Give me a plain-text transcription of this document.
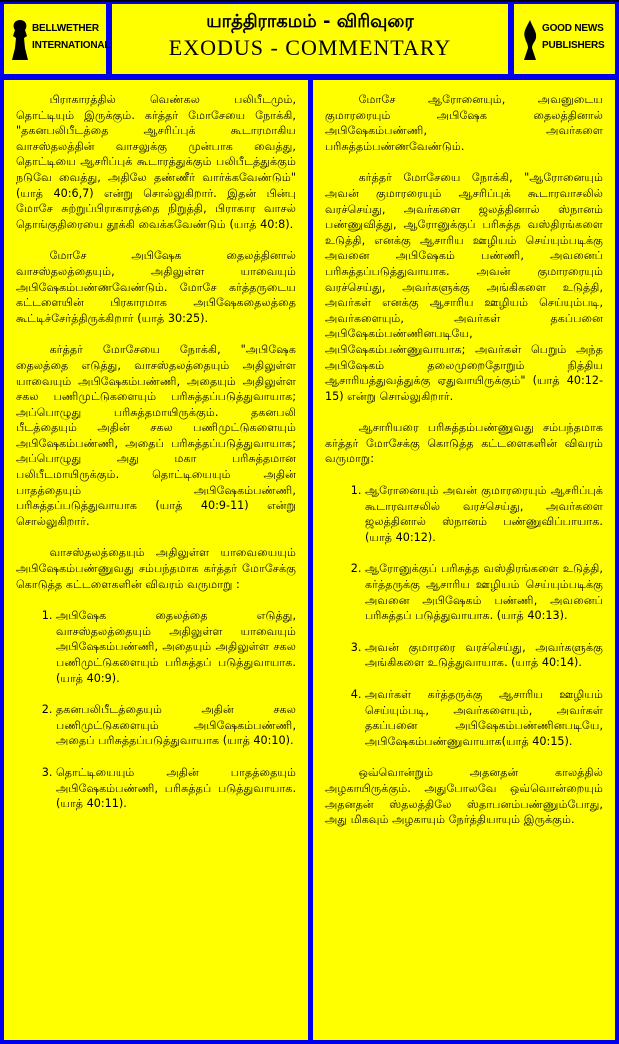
BELLWETHER
INTERNATIONAL
யாத்திராகமம் - விரிவுரை
EXODUS - COMMENTARY
GOOD NEWS
PUBLISHERS

பிராகாரத்தில் வெண்கல பலிபீடமும், தொட்டியும் இருக்கும். கர்த்தர் மோசேயை நோக்கி, "தகனபலிபீடத்தை ஆசரிப்புக் கூடாரமாகிய வாசஸ்தலத்தின் வாசலுக்கு முன்பாக வைத்து, தொட்டியை ஆசரிப்புக் கூடாரத்துக்கும் பலிபீடத்துக்கும் நடுவே வைத்து, அதிலே தண்ணீர் வார்க்கவேண்டும்" (யாத் 40:6,7) என்று சொல்லுகிறார். இதன் பின்பு மோசே சுற்றுப்பிராகாரத்தை நிறுத்தி, பிராகார வாசல் தொங்குதிரையை தூக்கி வைக்கவேண்டும் (யாத் 40:8).

மோசே அபிஷேக தைலத்தினால் வாசஸ்தலத்தையும், அதிலுள்ள யாவையும் அபிஷேகம்பண்ணவேண்டும். மோசே கர்த்தருடைய கட்டளையின் பிரகாரமாக அபிஷேகதைலத்தை கூட்டிச்சேர்த்திருக்கிறார் (யாத் 30:25).

கர்த்தர் மோசேயை நோக்கி, "அபிஷேக தைலத்தை எடுத்து, வாசஸ்தலத்தையும் அதிலுள்ள யாவையும் அபிஷேகம்பண்ணி, அதையும் அதிலுள்ள சகல பணிமுட்டுகளையும் பரிசுத்தப்படுத்துவாயாக; அப்பொழுது பரிசுத்தமாயிருக்கும். தகனபலி பீடத்தையும் அதின் சகல பணிமுட்டுகளையும் அபிஷேகம்பண்ணி, அதைப் பரிசுத்தப்படுத்துவாயாக; அப்பொழுது அது மகா பரிசுத்தமான பலிபீடமாயிருக்கும். தொட்டியையும் அதின் பாதத்தையும் அபிஷேகம்பண்ணி, பரிசுத்தப்படுத்துவாயாக (யாத் 40:9-11) என்று சொல்லுகிறார்.

வாசஸ்தலத்தையும் அதிலுள்ள யாவையையும் அபிஷேகம்பண்ணுவது சம்பந்தமாக கர்த்தர் மோசேக்கு கொடுத்த கட்டளைகளின் விவரம் வருமாறு :

1. அபிஷேக தைலத்தை எடுத்து, வாசஸ்தலத்தையும் அதிலுள்ள யாவையும் அபிஷேகம்பண்ணி, அதையும் அதிலுள்ள சகல பணிமுட்டுகளையும் பரிசுத்தப் படுத்துவாயாக. (யாத் 40:9).
2. தகனபலிபீடத்தையும் அதின் சகல பணிமுட்டுகளையும் அபிஷேகம்பண்ணி, அதைப் பரிசுத்தப்படுத்துவாயாக (யாத் 40:10).
3. தொட்டியையும் அதின் பாதத்தையும் அபிஷேகம்பண்ணி, பரிசுத்தப் படுத்துவாயாக. (யாத் 40:11).

மோசே ஆரோனையும், அவனுடைய குமாரரையும் அபிஷேக தைலத்தினால் அபிஷேகம்பண்ணி, அவர்களை பரிசுத்தம்பண்ணவேண்டும்.

கர்த்தர் மோசேயை நோக்கி, "ஆரோனையும் அவன் குமாரரையும் ஆசரிப்புக் கூடாரவாசலில் வரச்செய்து, அவர்களை ஜலத்தினால் ஸ்நானம் பண்ணுவித்து, ஆரோனுக்குப் பரிசுத்த வஸ்திரங்களை உடுத்தி, எனக்கு ஆசாரிய ஊழியம் செய்யும்படிக்கு அவனை அபிஷேகம் பண்ணி, அவனைப் பரிசுத்தப்படுத்துவாயாக. அவன் குமாரரையும் வரச்செய்து, அவர்களுக்கு அங்கிகளை உடுத்தி, அவர்கள் எனக்கு ஆசாரிய ஊழியம் செய்யும்படி, அவர்களையும், அவர்கள் தகப்பனை அபிஷேகம்பண்ணினபடியே, அபிஷேகம்பண்ணுவாயாக; அவர்கள் பெறும் அந்த அபிஷேகம் தலைமுறைதோறும் நித்திய ஆசாரியத்துவத்துக்கு ஏதுவாயிருக்கும்" (யாத் 40:12-15) என்று சொல்லுகிறார்.

ஆசாரியரை பரிசுத்தம்பண்ணுவது சம்பந்தமாக கர்த்தர் மோசேக்கு கொடுத்த கட்டளைகளின் விவரம் வருமாறு:

1. ஆரோனையும் அவன் குமாரரையும் ஆசரிப்புக் கூடாரவாசலில் வரச்செய்து, அவர்களை ஜலத்தினால் ஸ்நானம் பண்ணுவிப்பாயாக. (யாத் 40:12).
2. ஆரோனுக்குப் பரிசுத்த வஸ்திரங்களை உடுத்தி, கர்த்தருக்கு ஆசாரிய ஊழியம் செய்யும்படிக்கு அவனை அபிஷேகம் பண்ணி, அவனைப் பரிசுத்தப் படுத்துவாயாக. (யாத் 40:13).
3. அவன் குமாரரை வரச்செய்து, அவர்களுக்கு அங்கிகளை உடுத்துவாயாக. (யாத் 40:14).
4. அவர்கள் கர்த்தருக்கு ஆசாரிய ஊழியம் செய்யும்படி, அவர்களையும், அவர்கள் தகப்பனை அபிஷேகம்பண்ணினபடியே, அபிஷேகம்பண்ணுவாயாக(யாத் 40:15).

ஒவ்வொன்றும் அதனதன் காலத்தில் அழகாயிருக்கும். அதுபோலவே ஒவ்வொன்றையும் அதனதன் ஸ்தலத்திலே ஸ்தாபனம்பண்ணும்போது, அது மிகவும் அழகாயும் நேர்த்தியாயும் இருக்கும்.
